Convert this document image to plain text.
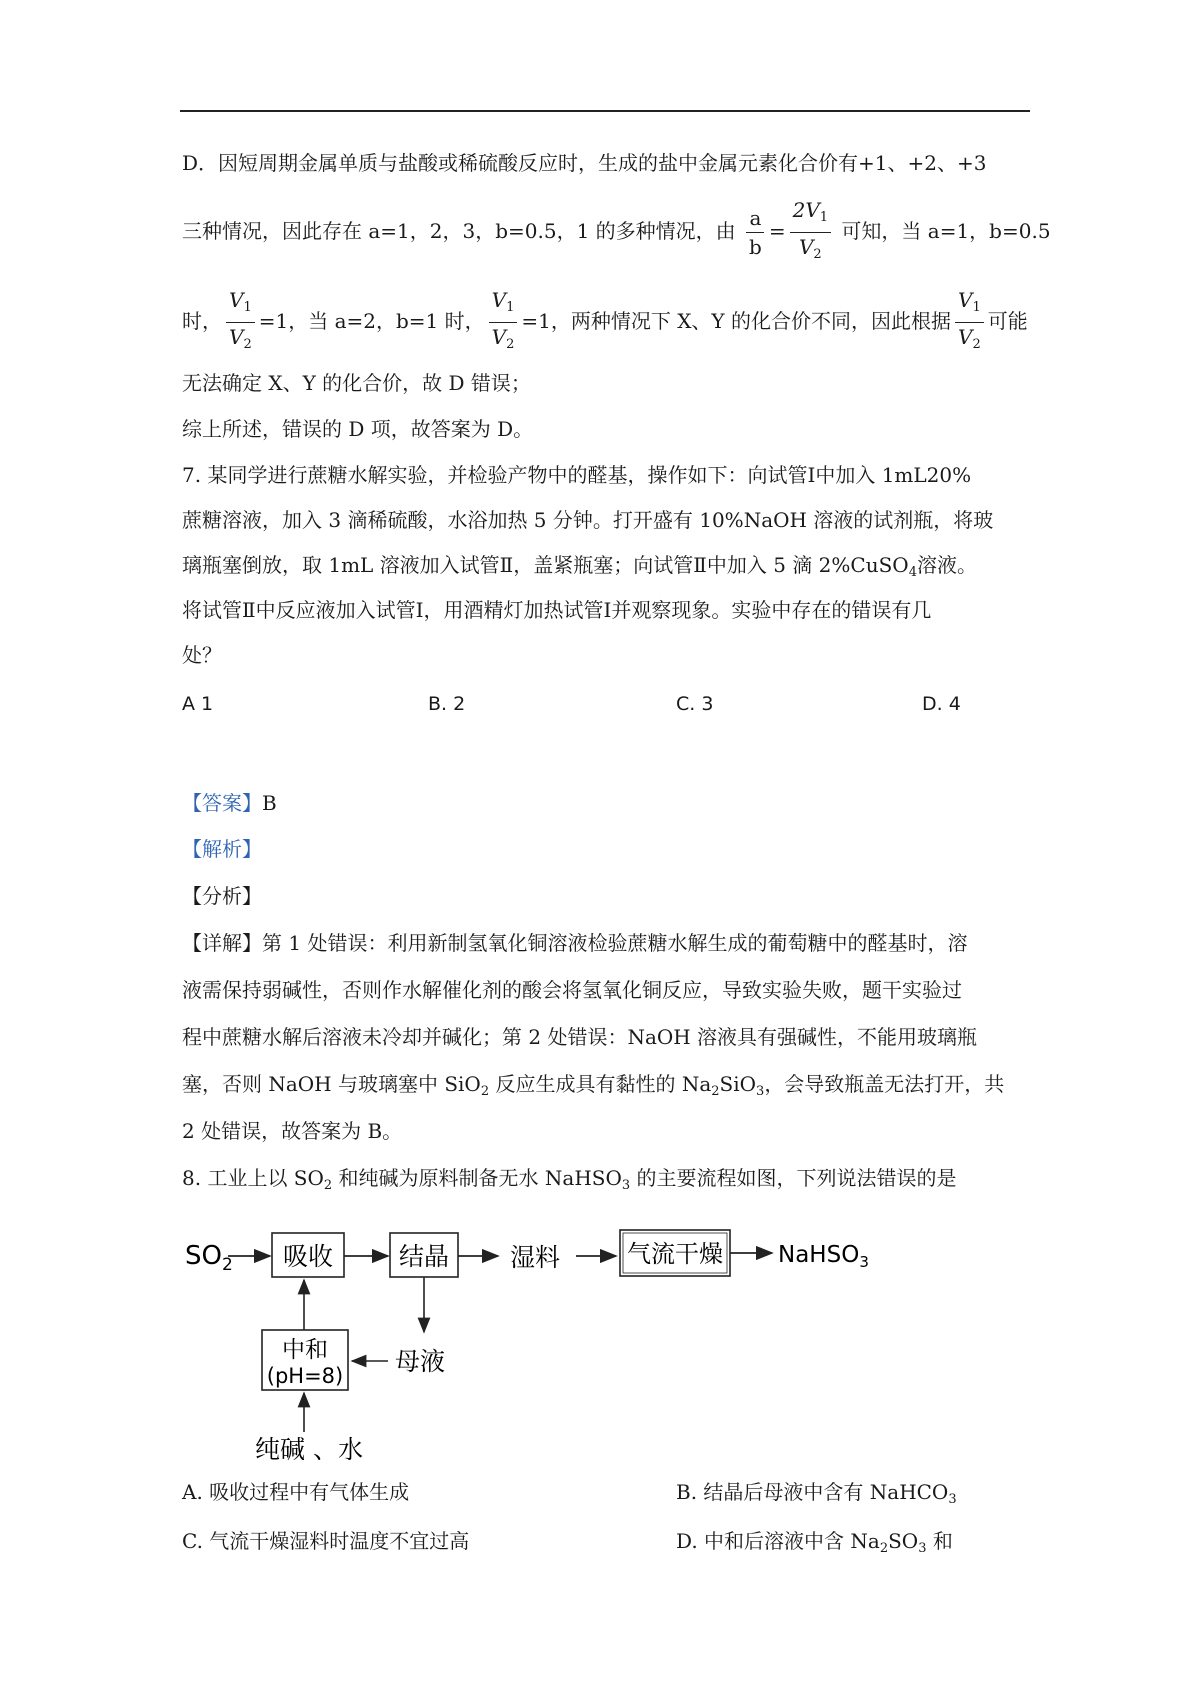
D．因短周期金属单质与盐酸或稀硫酸反应时，生成的盐中金属元素化合价有+1、+2、+3
三种情况，因此存在 a=1，2，3，b=0.5，1 的多种情况，由 $\frac{a}{b} = \frac{2V_1}{V_2}$ 可知，当 a=1，b=0.5
时， $\frac{V_1}{V_2} =1$，当 a=2，b=1 时， $\frac{V_1}{V_2} =1$，两种情况下 X、Y 的化合价不同，因此根据 $\frac{V_1}{V_2}$ 可能
无法确定 X、Y 的化合价，故 D 错误；
综上所述，错误的 D 项，故答案为 D。
7. 某同学进行蔗糖水解实验，并检验产物中的醛基，操作如下：向试管Ⅰ中加入 1mL20%
蔗糖溶液，加入 3 滴稀硫酸，水浴加热 5 分钟。打开盛有 10%NaOH 溶液的试剂瓶，将玻
璃瓶塞倒放，取 1mL 溶液加入试管Ⅱ，盖紧瓶塞；向试管Ⅱ中加入 5 滴 2%CuSO$_4$溶液。
将试管Ⅱ中反应液加入试管Ⅰ，用酒精灯加热试管Ⅰ并观察现象。实验中存在的错误有几
处？
A 1	B. 2	C. 3	D. 4
【答案】B
【解析】
【分析】
【详解】第 1 处错误：利用新制氢氧化铜溶液检验蔗糖水解生成的葡萄糖中的醛基时，溶
液需保持弱碱性，否则作水解催化剂的酸会将氢氧化铜反应，导致实验失败，题干实验过
程中蔗糖水解后溶液未冷却并碱化；第 2 处错误：NaOH 溶液具有强碱性，不能用玻璃瓶
塞，否则 NaOH 与玻璃塞中 SiO$_2$ 反应生成具有黏性的 $Na_2SiO_3$，会导致瓶盖无法打开，共
2 处错误，故答案为 B。
8. 工业上以 $SO_2$ 和纯碱为原料制备无水 NaHSO$_3$ 的主要流程如图，下列说法错误的是
$SO_2$ 吸收	结晶 湿料	气流干燥 NaHSO$_3$
母液
中和
(pH=8)
纯碱 、水
A. 吸收过程中有气体生成	B. 结晶后母液中含有 NaHCO$_3$
C. 气流干燥湿料时温度不宜过高	D. 中和后溶液中含 $Na_2SO_3$ 和
